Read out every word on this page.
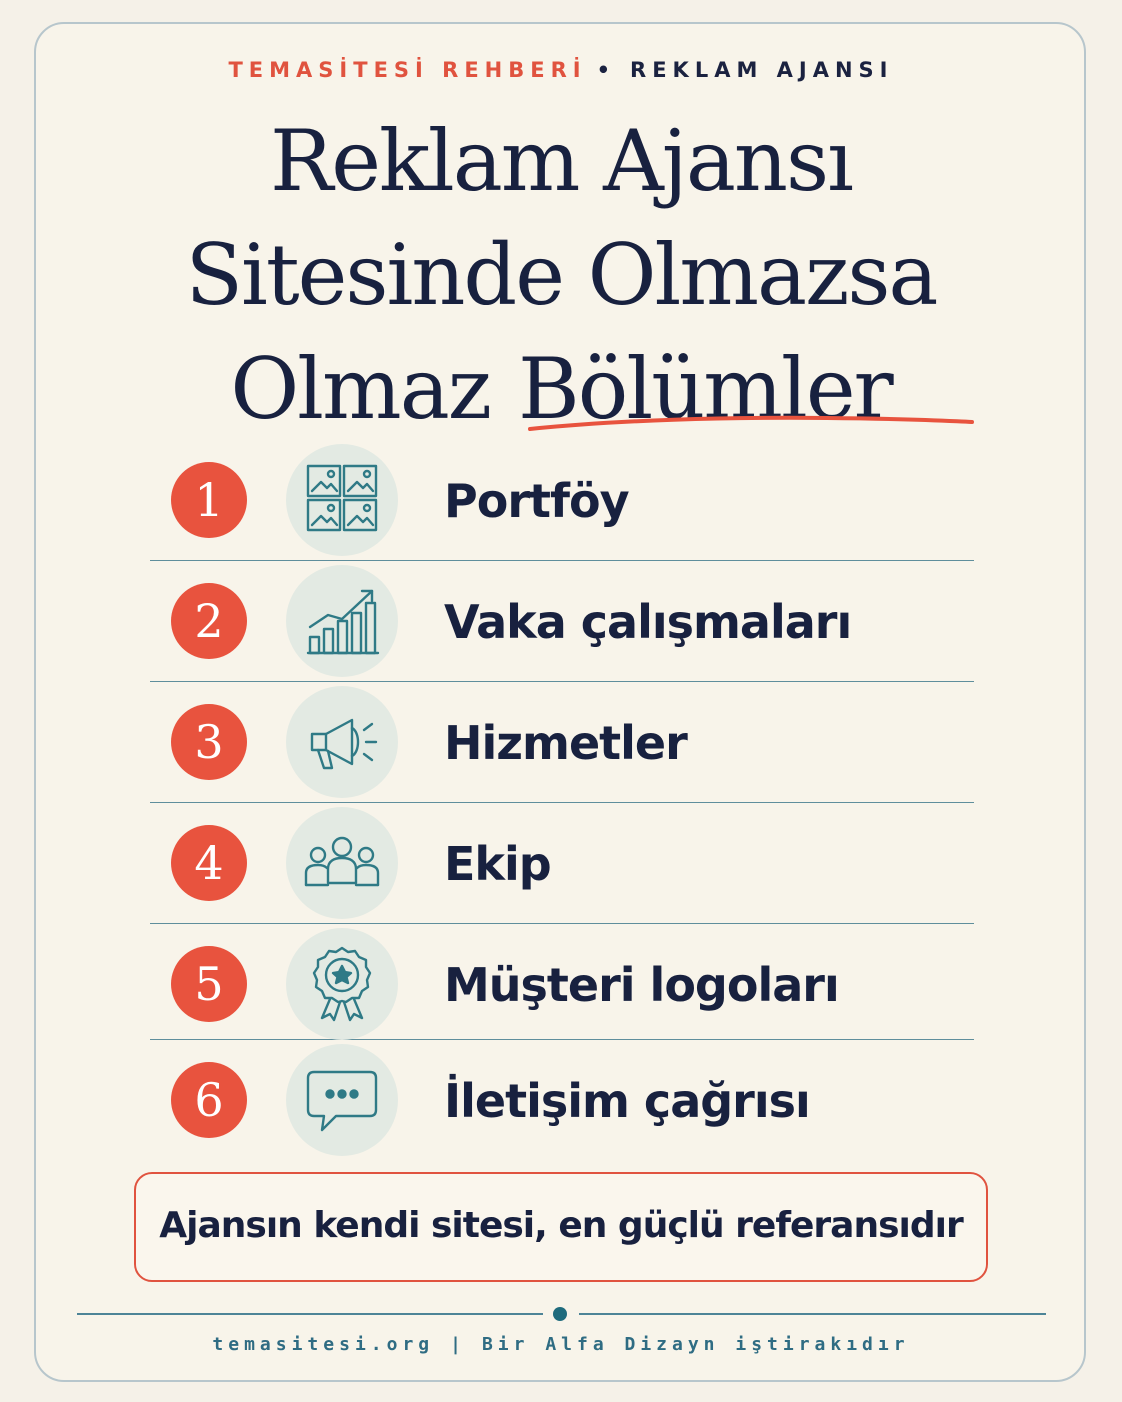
TEMASİTESİ REHBERİ • REKLAM AJANSI
Reklam Ajansı
Sitesinde Olmazsa
Olmaz Bölümler
1	Portföy
2	Vaka çalışmaları
3	Hizmetler
4	Ekip
5	Müşteri logoları
6	İletişim çağrısı
Ajansın kendi sitesi, en güçlü referansıdır
temasitesi.org | Bir Alfa Dizayn iştirakıdır
